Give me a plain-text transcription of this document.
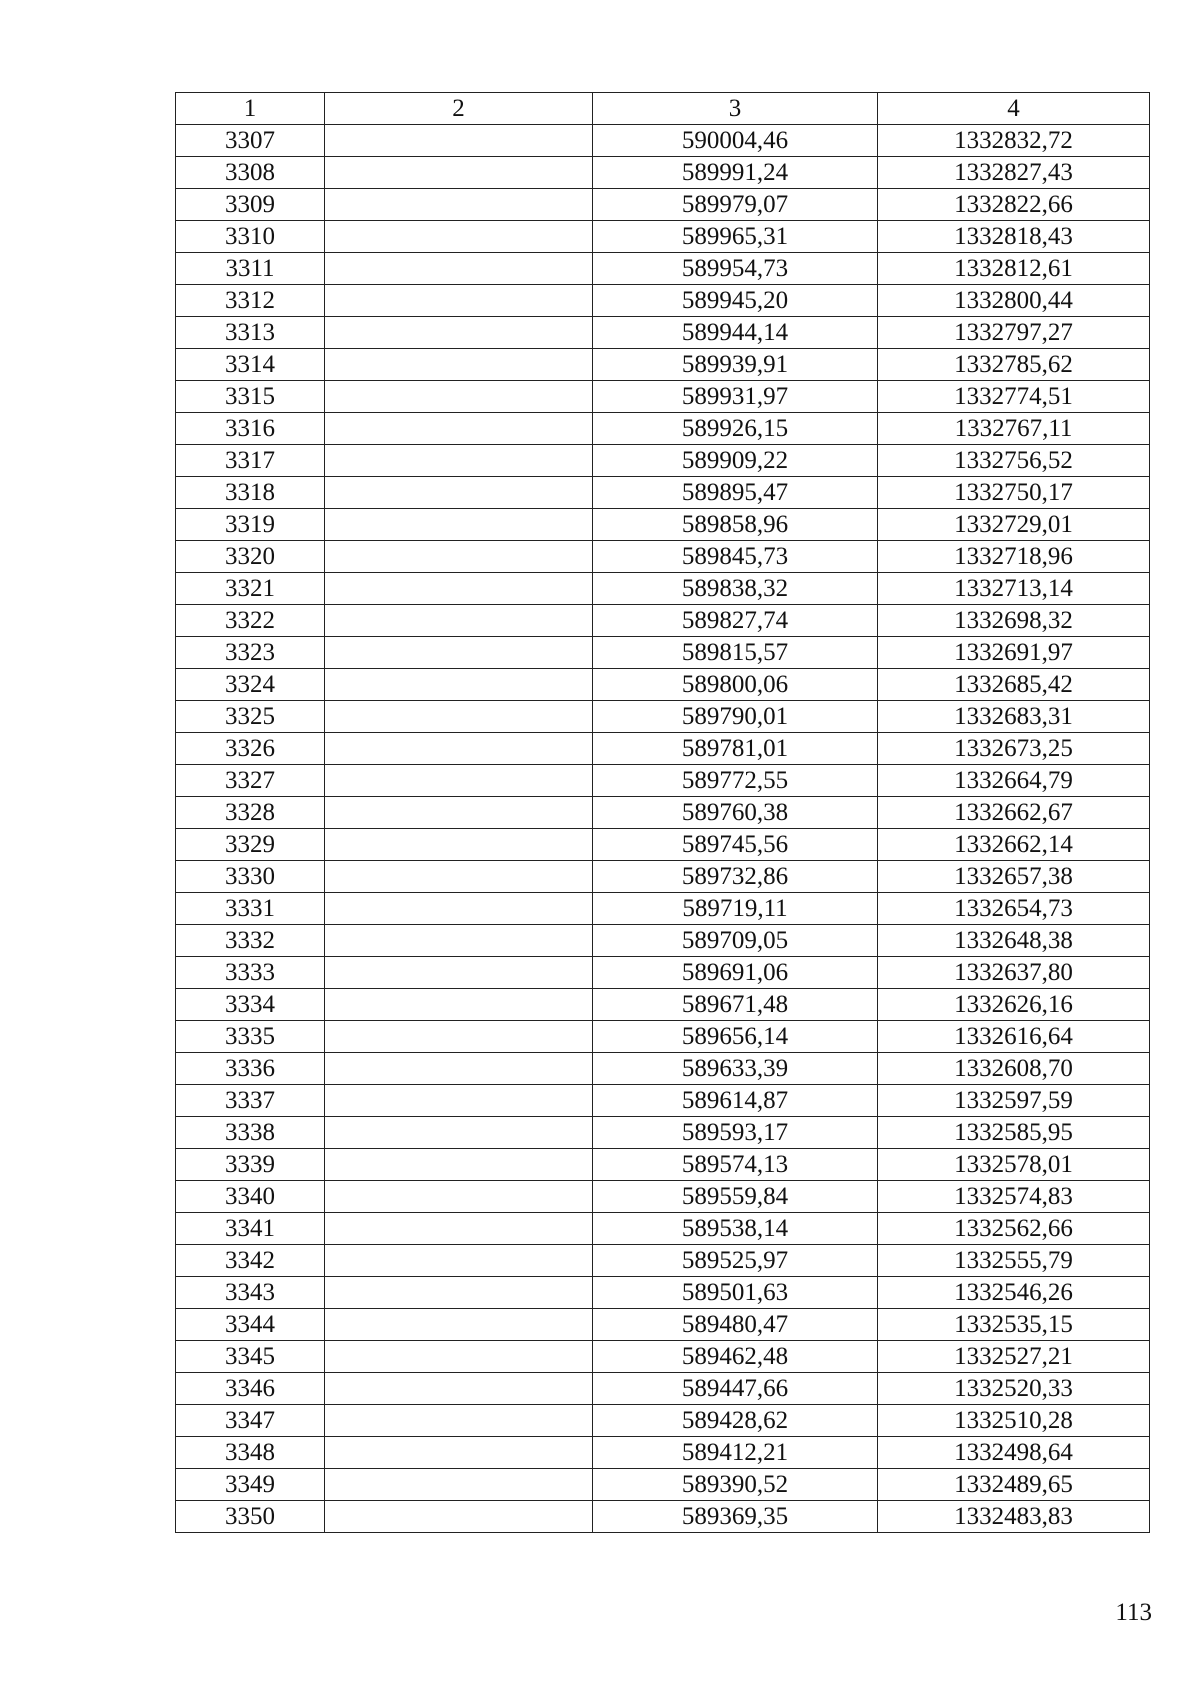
1	2	3	4
3307		590004,46	1332832,72
3308		589991,24	1332827,43
3309		589979,07	1332822,66
3310		589965,31	1332818,43
3311		589954,73	1332812,61
3312		589945,20	1332800,44
3313		589944,14	1332797,27
3314		589939,91	1332785,62
3315		589931,97	1332774,51
3316		589926,15	1332767,11
3317		589909,22	1332756,52
3318		589895,47	1332750,17
3319		589858,96	1332729,01
3320		589845,73	1332718,96
3321		589838,32	1332713,14
3322		589827,74	1332698,32
3323		589815,57	1332691,97
3324		589800,06	1332685,42
3325		589790,01	1332683,31
3326		589781,01	1332673,25
3327		589772,55	1332664,79
3328		589760,38	1332662,67
3329		589745,56	1332662,14
3330		589732,86	1332657,38
3331		589719,11	1332654,73
3332		589709,05	1332648,38
3333		589691,06	1332637,80
3334		589671,48	1332626,16
3335		589656,14	1332616,64
3336		589633,39	1332608,70
3337		589614,87	1332597,59
3338		589593,17	1332585,95
3339		589574,13	1332578,01
3340		589559,84	1332574,83
3341		589538,14	1332562,66
3342		589525,97	1332555,79
3343		589501,63	1332546,26
3344		589480,47	1332535,15
3345		589462,48	1332527,21
3346		589447,66	1332520,33
3347		589428,62	1332510,28
3348		589412,21	1332498,64
3349		589390,52	1332489,65
3350		589369,35	1332483,83
113
